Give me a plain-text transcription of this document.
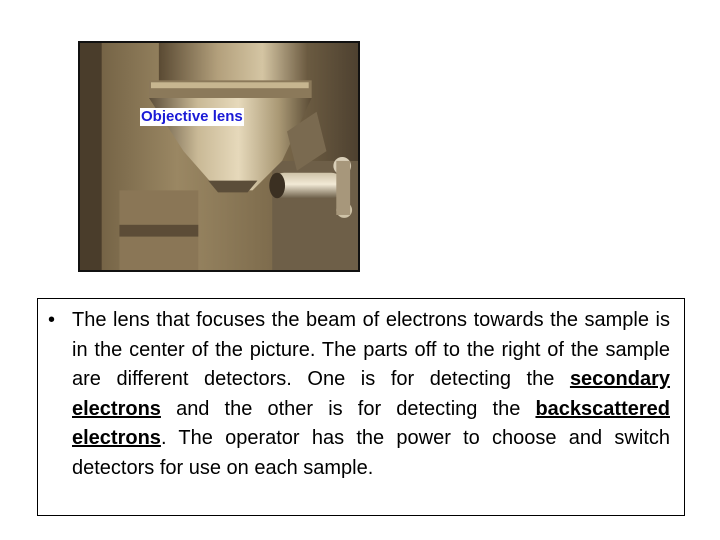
Objective lens
• The lens that focuses the beam of electrons towards the sample is in the center of the picture. The parts off to the right of the sample are different detectors. One is for detecting the secondary electrons and the other is for detecting the backscattered electrons. The operator has the power to choose and switch detectors for use on each sample.
